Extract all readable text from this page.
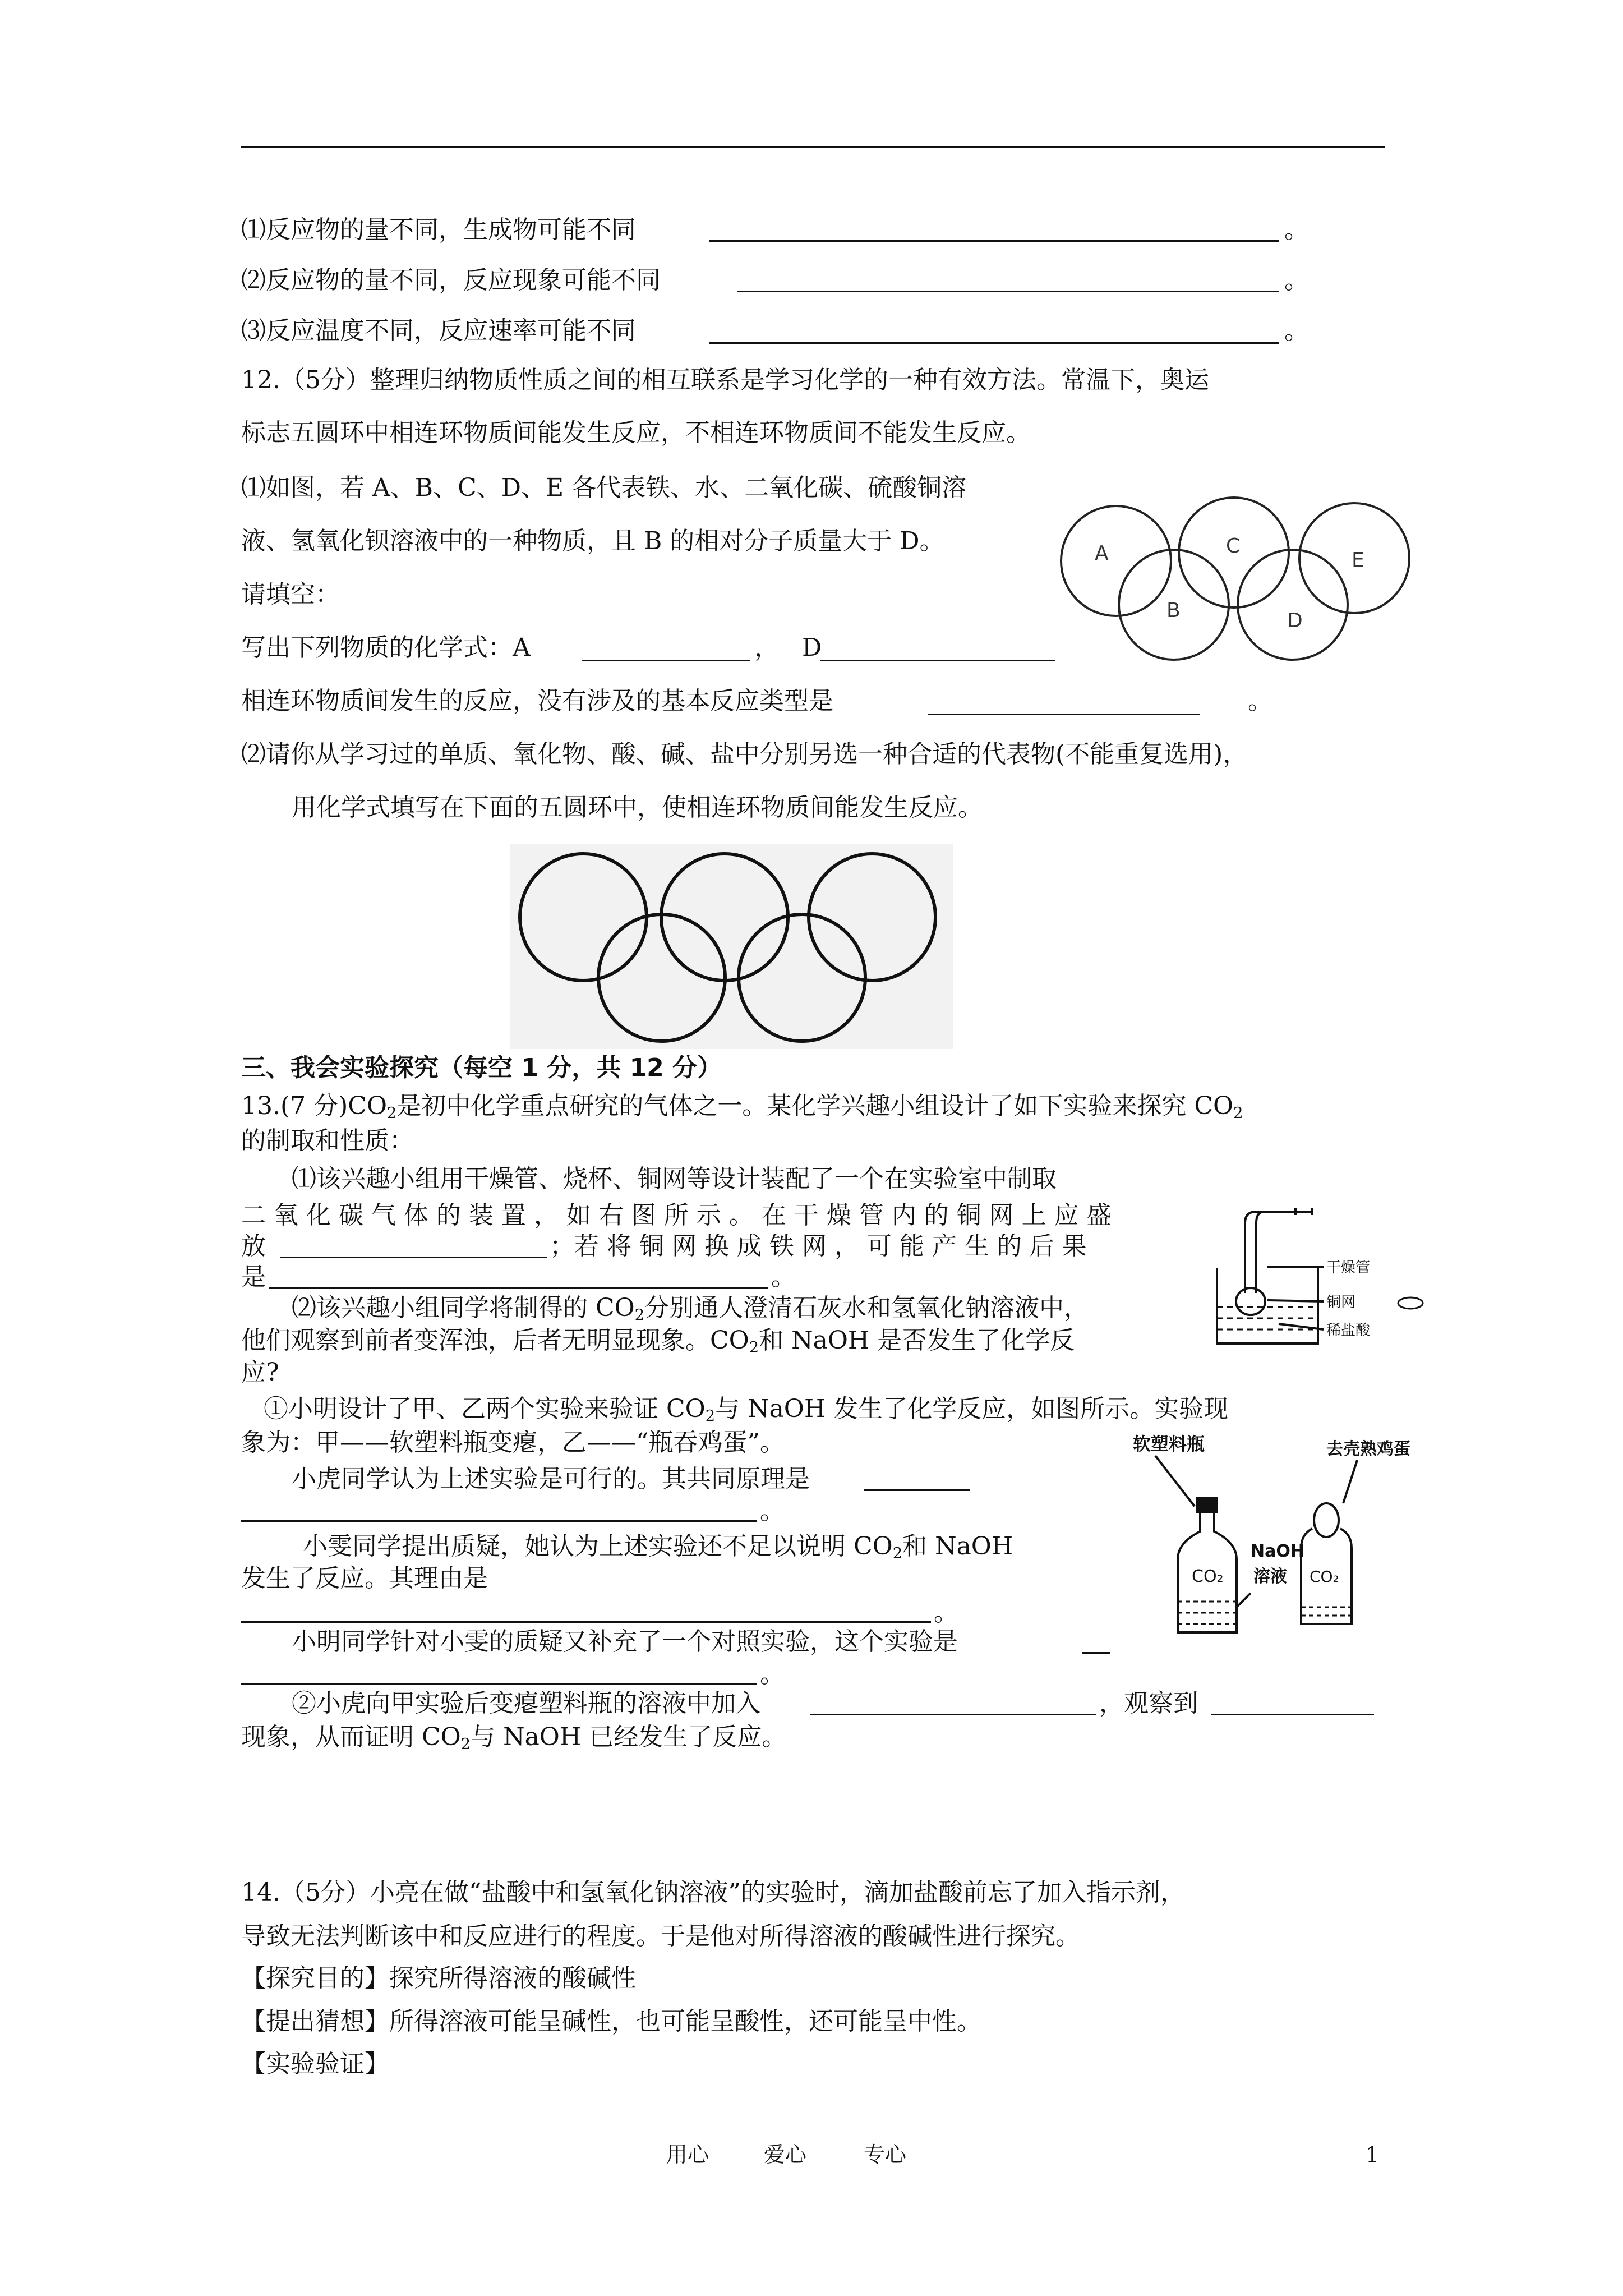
⑴反应物的量不同，生成物可能不同	。
⑵反应物的量不同，反应现象可能不同	。
⑶反应温度不同，反应速率可能不同	。
12.（5分）整理归纳物质性质之间的相互联系是学习化学的一种有效方法。常温下，奥运
标志五圆环中相连环物质间能发生反应，不相连环物质间不能发生反应。
⑴如图，若 A、B、C、D、E 各代表铁、水、二氧化碳、硫酸铜溶
液、氢氧化钡溶液中的一种物质，且 B 的相对分子质量大于 D。
请填空：
写出下列物质的化学式：A	， D
相连环物质间发生的反应，没有涉及的基本反应类型是	______________________ 。
⑵请你从学习过的单质、氧化物、酸、碱、盐中分别另选一种合适的代表物(不能重复选用)，
用化学式填写在下面的五圆环中，使相连环物质间能发生反应。
A
B
C
D
E
三、我会实验探究（每空 1 分，共 12 分）
13.(7 分)$CO_2$是初中化学重点研究的气体之一。某化学兴趣小组设计了如下实验来探究 $CO_2$
的制取和性质：
⑴该兴趣小组用干燥管、烧杯、铜网等设计装配了一个在实验室中制取
二 氧 化 碳 气 体 的 装 置 ， 如 右 图 所 示 。 在 干 燥 管 内 的 铜 网 上 应 盛
放	；若 将 铜 网 换 成 铁 网 ， 可 能 产 生 的 后 果
是	。
⑵该兴趣小组同学将制得的 $CO_2$分别通人澄清石灰水和氢氧化钠溶液中，
他们观察到前者变浑浊，后者无明显现象。$CO_2$和 NaOH 是否发生了化学反
应?
①小明设计了甲、乙两个实验来验证 $CO_2$与 NaOH 发生了化学反应，如图所示。实验现
象为：甲——软塑料瓶变瘪，乙——“瓶吞鸡蛋”。
小虎同学认为上述实验是可行的。其共同原理是
。
小雯同学提出质疑，她认为上述实验还不足以说明 $CO_2$和 NaOH
发生了反应。其理由是
。
小明同学针对小雯的质疑又补充了一个对照实验，这个实验是
。
②小虎向甲实验后变瘪塑料瓶的溶液中加入	，观察到
现象，从而证明 $CO_2$与 NaOH 已经发生了反应。
干燥管
铜网
稀盐酸
软塑料瓶	去壳熟鸡蛋
NaOH
溶液
CO₂	CO₂
14.（5分）小亮在做“盐酸中和氢氧化钠溶液”的实验时，滴加盐酸前忘了加入指示剂，
导致无法判断该中和反应进行的程度。于是他对所得溶液的酸碱性进行探究。
【探究目的】探究所得溶液的酸碱性
【提出猜想】所得溶液可能呈碱性，也可能呈酸性，还可能呈中性。
【实验验证】
用心	爱心	专心	1
